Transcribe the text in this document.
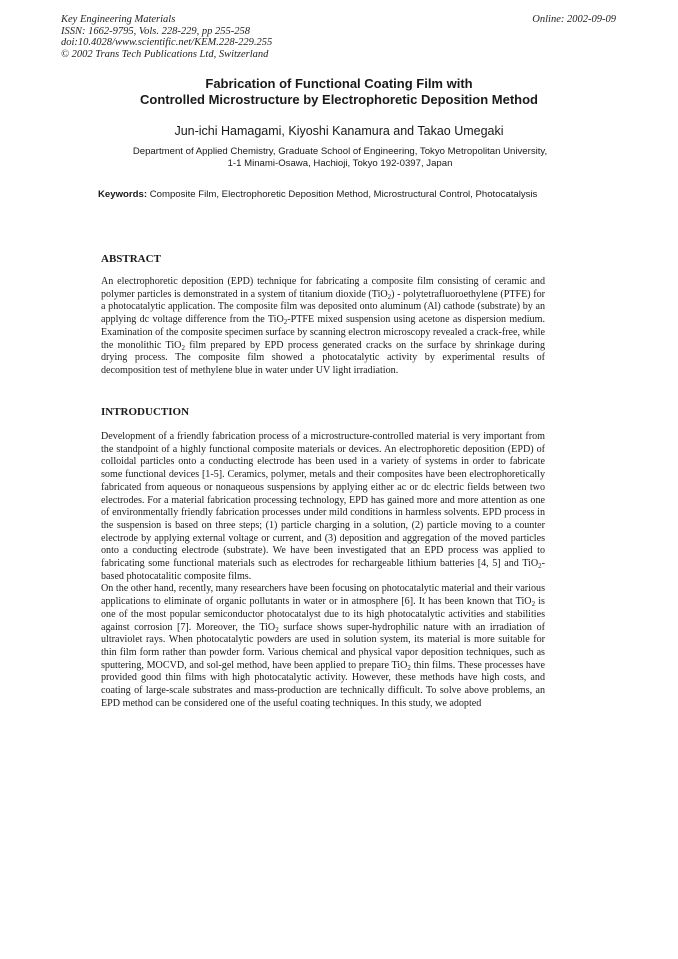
Key Engineering Materials
ISSN: 1662-9795, Vols. 228-229, pp 255-258
doi:10.4028/www.scientific.net/KEM.228-229.255
© 2002 Trans Tech Publications Ltd, Switzerland
Online: 2002-09-09
Fabrication of Functional Coating Film with
Controlled Microstructure by Electrophoretic Deposition Method
Jun-ichi Hamagami, Kiyoshi Kanamura and Takao Umegaki
Department of Applied Chemistry, Graduate School of Engineering, Tokyo Metropolitan University,
1-1 Minami-Osawa, Hachioji, Tokyo 192-0397, Japan
Keywords: Composite Film, Electrophoretic Deposition Method, Microstructural Control, Photocatalysis
ABSTRACT
An electrophoretic deposition (EPD) technique for fabricating a composite film consisting of ceramic and polymer particles is demonstrated in a system of titanium dioxide (TiO$_2$) - polytetrafluoroethylene (PTFE) for a photocatalytic application. The composite film was deposited onto aluminum (Al) cathode (substrate) by an applying dc voltage difference from the TiO$_2$-PTFE mixed suspension using acetone as dispersion medium. Examination of the composite specimen surface by scanning electron microscopy revealed a crack-free, while the monolithic TiO$_2$ film prepared by EPD process generated cracks on the surface by shrinkage during drying process. The composite film showed a photocatalytic activity by experimental results of decomposition test of methylene blue in water under UV light irradiation.
INTRODUCTION
Development of a friendly fabrication process of a microstructure-controlled material is very important from the standpoint of a highly functional composite materials or devices. An electrophoretic deposition (EPD) of colloidal particles onto a conducting electrode has been used in a variety of systems in order to fabricate some functional devices [1-5]. Ceramics, polymer, metals and their composites have been electrophoretically fabricated from aqueous or nonaqueous suspensions by applying either ac or dc electric fields between two electrodes. For a material fabrication processing technology, EPD has gained more and more attention as one of environmentally friendly fabrication processes under mild conditions in harmless solvents. EPD process in the suspension is based on three steps; (1) particle charging in a solution, (2) particle moving to a counter electrode by applying external voltage or current, and (3) deposition and aggregation of the moved particles onto a conducting electrode (substrate). We have been investigated that an EPD process was applied to fabricating some functional materials such as electrodes for rechargeable lithium batteries [4, 5] and TiO$_2$-based photocatalitic composite films.
On the other hand, recently, many researchers have been focusing on photocatalytic material and their various applications to eliminate of organic pollutants in water or in atmosphere [6]. It has been known that TiO$_2$ is one of the most popular semiconductor photocatalyst due to its high photocatalytic activities and stabilities against corrosion [7]. Moreover, the TiO$_2$ surface shows super-hydrophilic nature with an irradiation of ultraviolet rays. When photocatalytic powders are used in solution system, its material is more suitable for thin film form rather than powder form. Various chemical and physical vapor deposition techniques, such as sputtering, MOCVD, and sol-gel method, have been applied to prepare TiO$_2$ thin films. These processes have provided good thin films with high photocatalytic activity. However, these methods have high costs, and coating of large-scale substrates and mass-production are technically difficult. To solve above problems, an EPD method can be considered one of the useful coating techniques. In this study, we adopted
